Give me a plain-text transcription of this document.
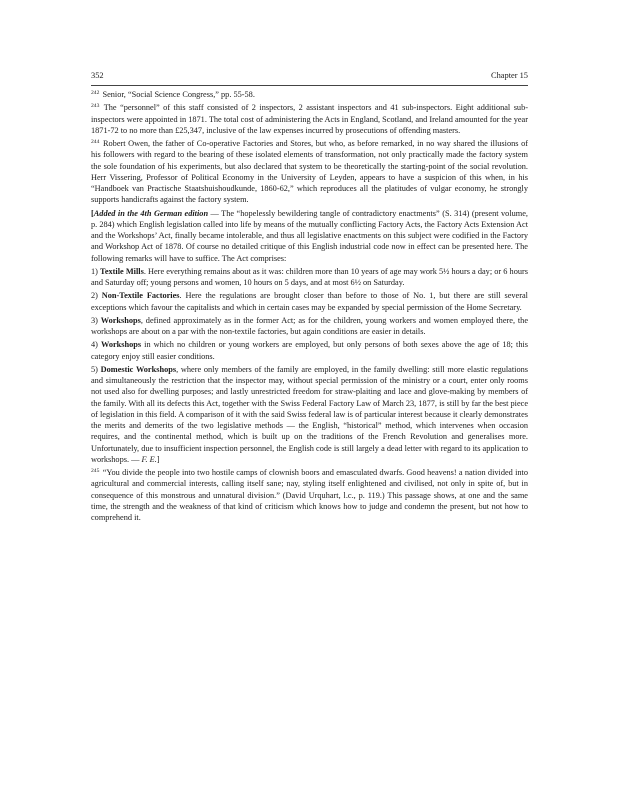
352	Chapter 15

$^{242}$ Senior, “Social Science Congress,” pp. 55-58.

$^{243}$ The “personnel” of this staff consisted of 2 inspectors, 2 assistant inspectors and 41 sub-inspectors. Eight additional sub-inspectors were appointed in 1871. The total cost of administering the Acts in England, Scotland, and Ireland amounted for the year 1871-72 to no more than £25,347, inclusive of the law expenses incurred by prosecutions of offending masters.

$^{244}$ Robert Owen, the father of Co-operative Factories and Stores, but who, as before remarked, in no way shared the illusions of his followers with regard to the bearing of these isolated elements of transformation, not only practically made the factory system the sole foundation of his experiments, but also declared that system to be theoretically the starting-point of the social revolution. Herr Vissering, Professor of Political Economy in the University of Leyden, appears to have a suspicion of this when, in his “Handboek van Practische Staatshuishoudkunde, 1860-62,” which reproduces all the platitudes of vulgar economy, he strongly supports handicrafts against the factory system.

[Added in the 4th German edition — The “hopelessly bewildering tangle of contradictory enactments” (S. 314) (present volume, p. 284) which English legislation called into life by means of the mutually conflicting Factory Acts, the Factory Acts Extension Act and the Workshops’ Act, finally became intolerable, and thus all legislative enactments on this subject were codified in the Factory and Workshop Act of 1878. Of course no detailed critique of this English industrial code now in effect can be presented here. The following remarks will have to suffice. The Act comprises:

1) Textile Mills. Here everything remains about as it was: children more than 10 years of age may work 5½ hours a day; or 6 hours and Saturday off; young persons and women, 10 hours on 5 days, and at most 6½ on Saturday.

2) Non-Textile Factories. Here the regulations are brought closer than before to those of No. 1, but there are still several exceptions which favour the capitalists and which in certain cases may be expanded by special permission of the Home Secretary.

3) Workshops, defined approximately as in the former Act; as for the children, young workers and women employed there, the workshops are about on a par with the non-textile factories, but again conditions are easier in details.

4) Workshops in which no children or young workers are employed, but only persons of both sexes above the age of 18; this category enjoy still easier conditions.

5) Domestic Workshops, where only members of the family are employed, in the family dwelling: still more elastic regulations and simultaneously the restriction that the inspector may, without special permission of the ministry or a court, enter only rooms not used also for dwelling purposes; and lastly unrestricted freedom for straw-plaiting and lace and glove-making by members of the family. With all its defects this Act, together with the Swiss Federal Factory Law of March 23, 1877, is still by far the best piece of legislation in this field. A comparison of it with the said Swiss federal law is of particular interest because it clearly demonstrates the merits and demerits of the two legislative methods — the English, “historical” method, which intervenes when occasion requires, and the continental method, which is built up on the traditions of the French Revolution and generalises more. Unfortunately, due to insufficient inspection personnel, the English code is still largely a dead letter with regard to its application to workshops. — F. E.]

$^{245}$ “You divide the people into two hostile camps of clownish boors and emasculated dwarfs. Good heavens! a nation divided into agricultural and commercial interests, calling itself sane; nay, styling itself enlightened and civilised, not only in spite of, but in consequence of this monstrous and unnatural division.” (David Urquhart, l.c., p. 119.) This passage shows, at one and the same time, the strength and the weakness of that kind of criticism which knows how to judge and condemn the present, but not how to comprehend it.
